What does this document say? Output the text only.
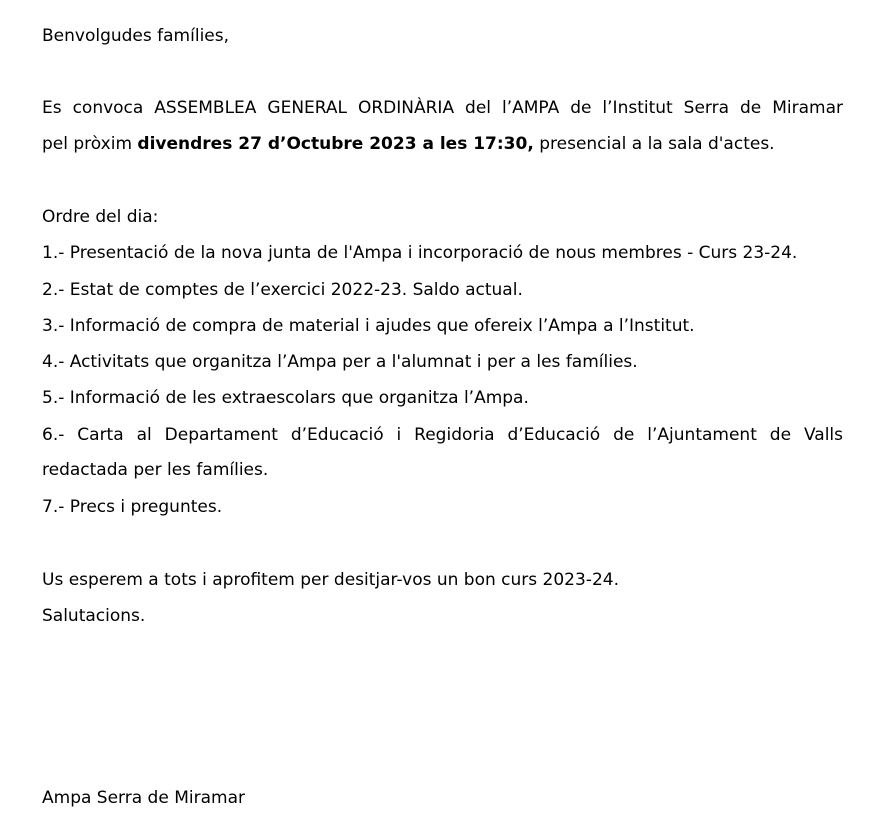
Benvolgudes famílies,
Es convoca ASSEMBLEA GENERAL ORDINÀRIA del l’AMPA de l’Institut Serra de Miramar
pel pròxim divendres 27 d’Octubre 2023 a les 17:30, presencial a la sala d'actes.
Ordre del dia:
1.- Presentació de la nova junta de l'Ampa i incorporació de nous membres - Curs 23-24.
2.- Estat de comptes de l’exercici 2022-23. Saldo actual.
3.- Informació de compra de material i ajudes que ofereix l’Ampa a l’Institut.
4.- Activitats que organitza l’Ampa per a l'alumnat i per a les famílies.
5.- Informació de les extraescolars que organitza l’Ampa.
6.- Carta al Departament d’Educació i Regidoria d’Educació de l’Ajuntament de Valls
redactada per les famílies.
7.- Precs i preguntes.
Us esperem a tots i aprofitem per desitjar-vos un bon curs 2023-24.
Salutacions.
Ampa Serra de Miramar
